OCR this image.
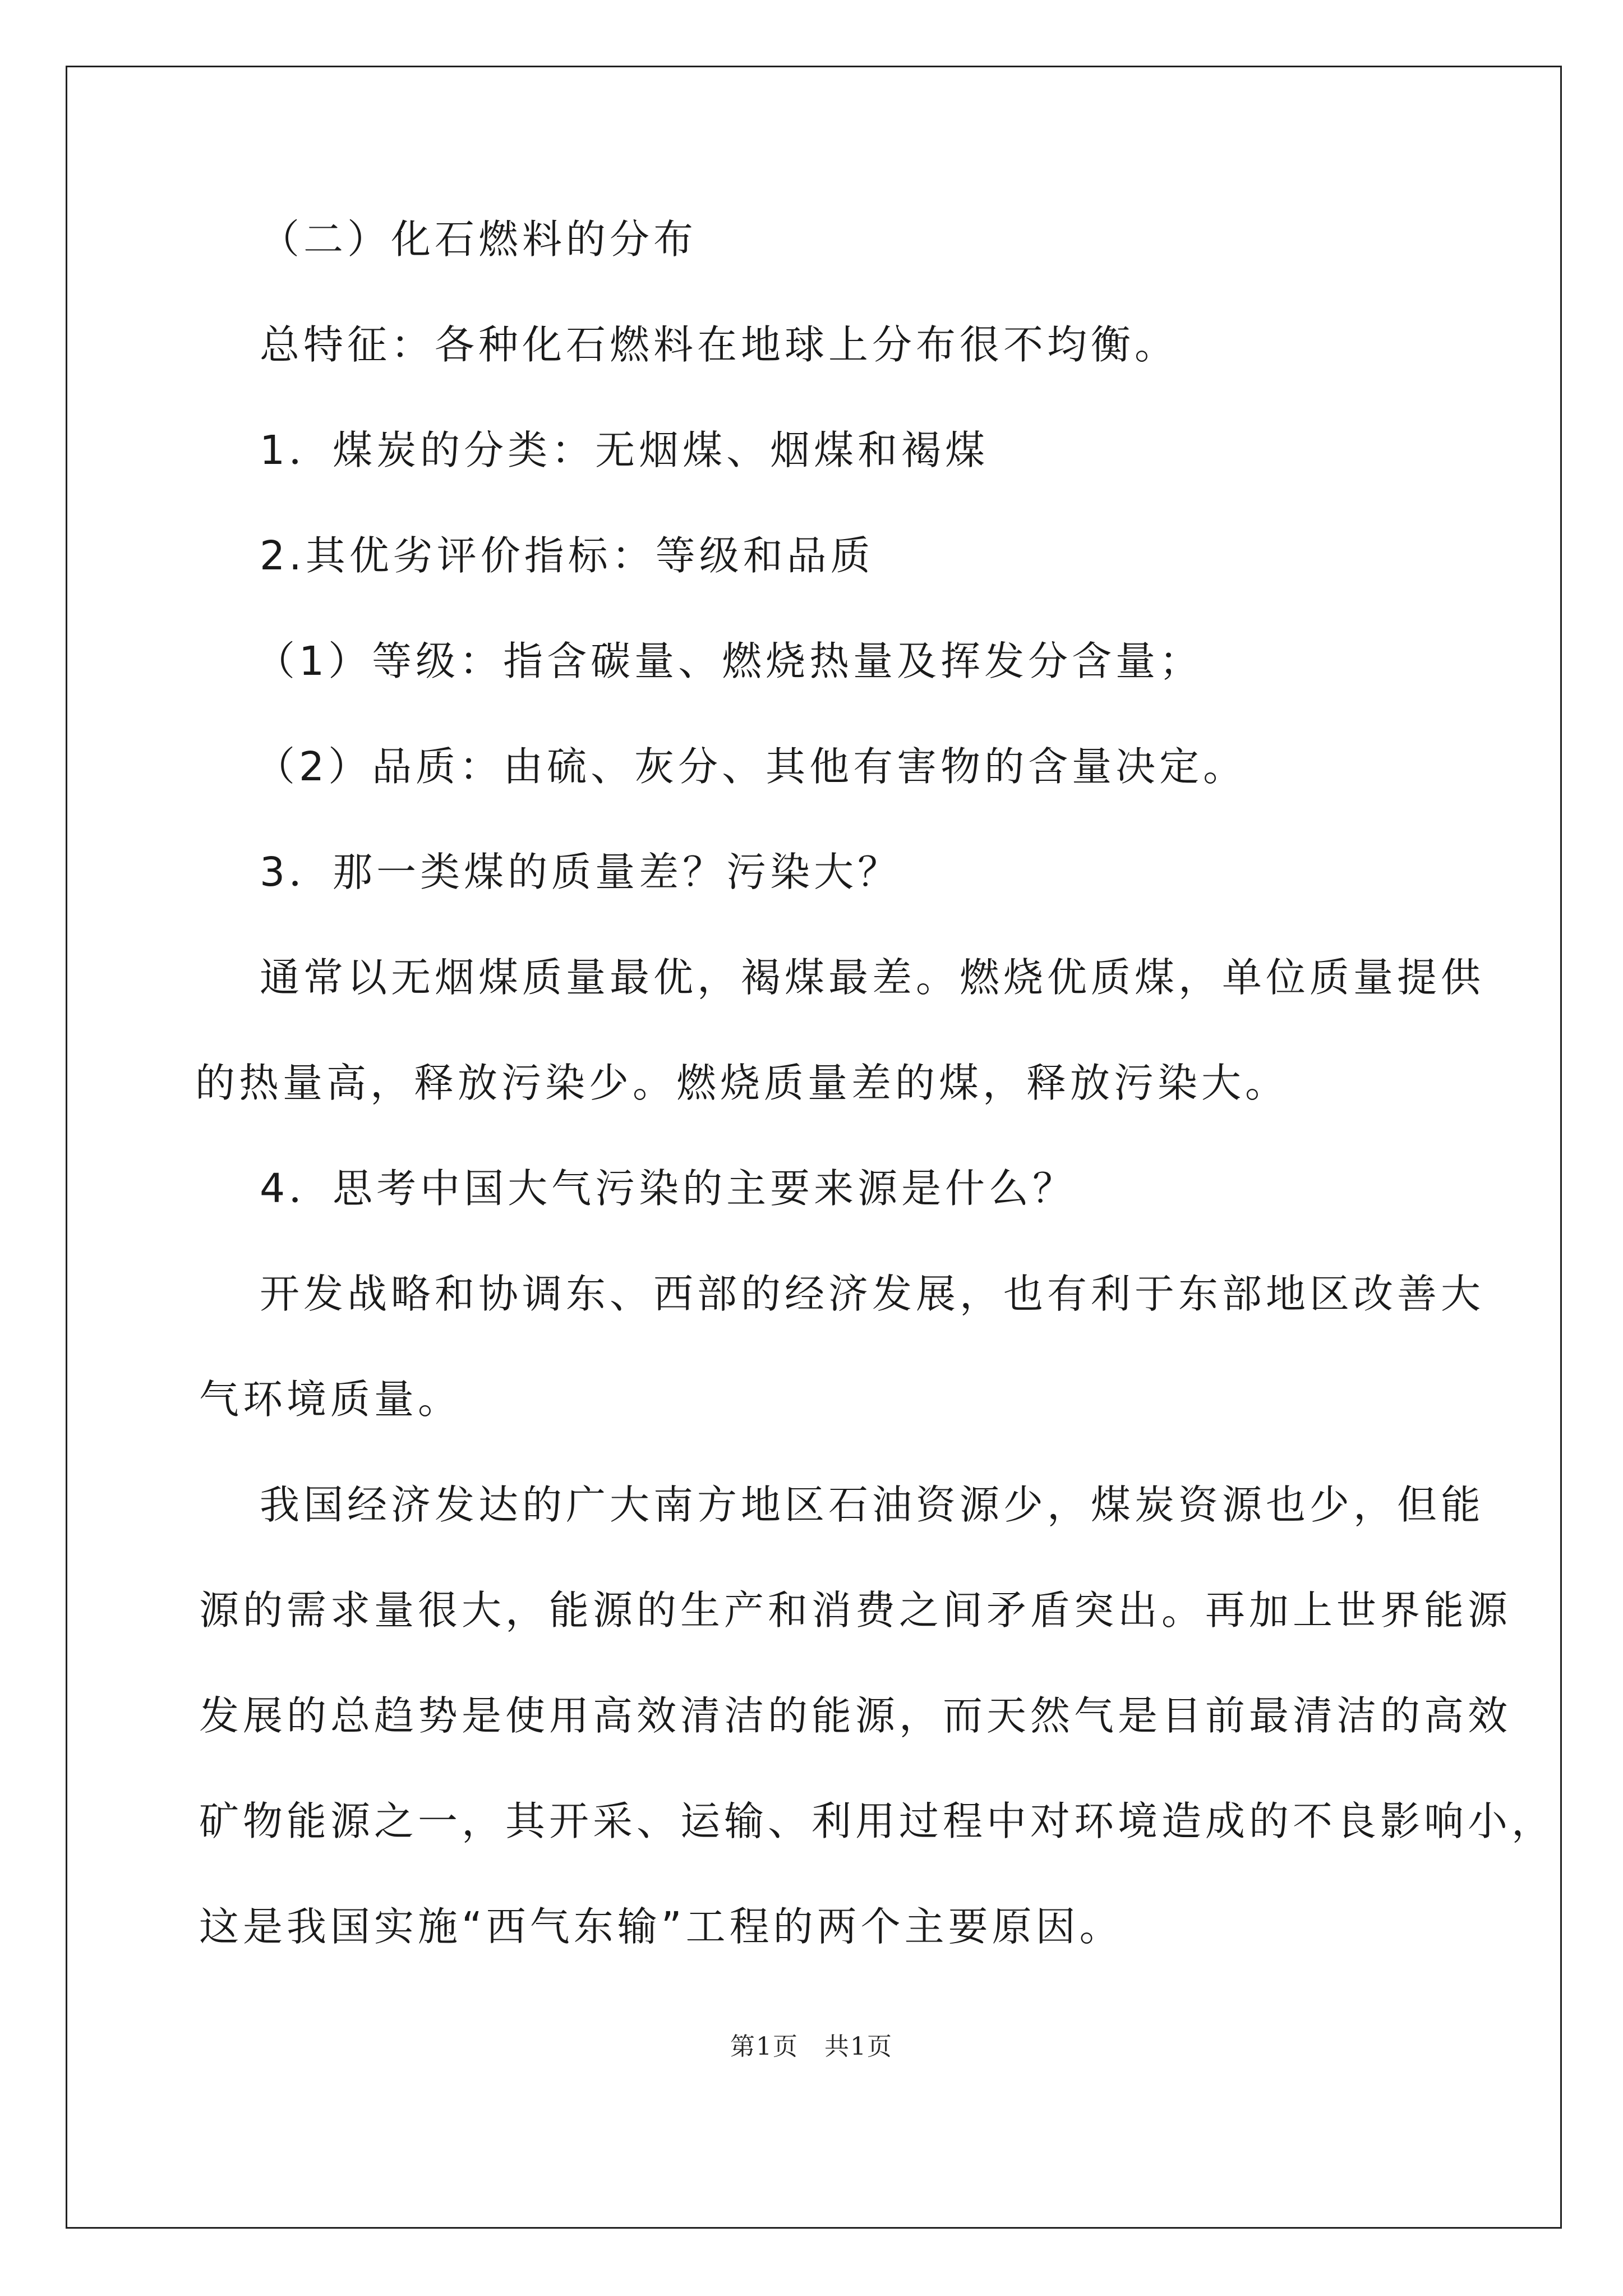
（二）化石燃料的分布

总特征：各种化石燃料在地球上分布很不均衡。

1．煤炭的分类：无烟煤、烟煤和褐煤

2.其优劣评价指标：等级和品质

（1）等级：指含碳量、燃烧热量及挥发分含量；

（2）品质：由硫、灰分、其他有害物的含量决定。

3．那一类煤的质量差？污染大？

通常以无烟煤质量最优，褐煤最差。燃烧优质煤，单位质量提供

的热量高，释放污染少。燃烧质量差的煤，释放污染大。

4．思考中国大气污染的主要来源是什么？

开发战略和协调东、西部的经济发展，也有利于东部地区改善大

气环境质量。

我国经济发达的广大南方地区石油资源少，煤炭资源也少，但能

源的需求量很大，能源的生产和消费之间矛盾突出。再加上世界能源

发展的总趋势是使用高效清洁的能源，而天然气是目前最清洁的高效

矿物能源之一，其开采、运输、利用过程中对环境造成的不良影响小，

这是我国实施“西气东输”工程的两个主要原因。

第1页　共1页
